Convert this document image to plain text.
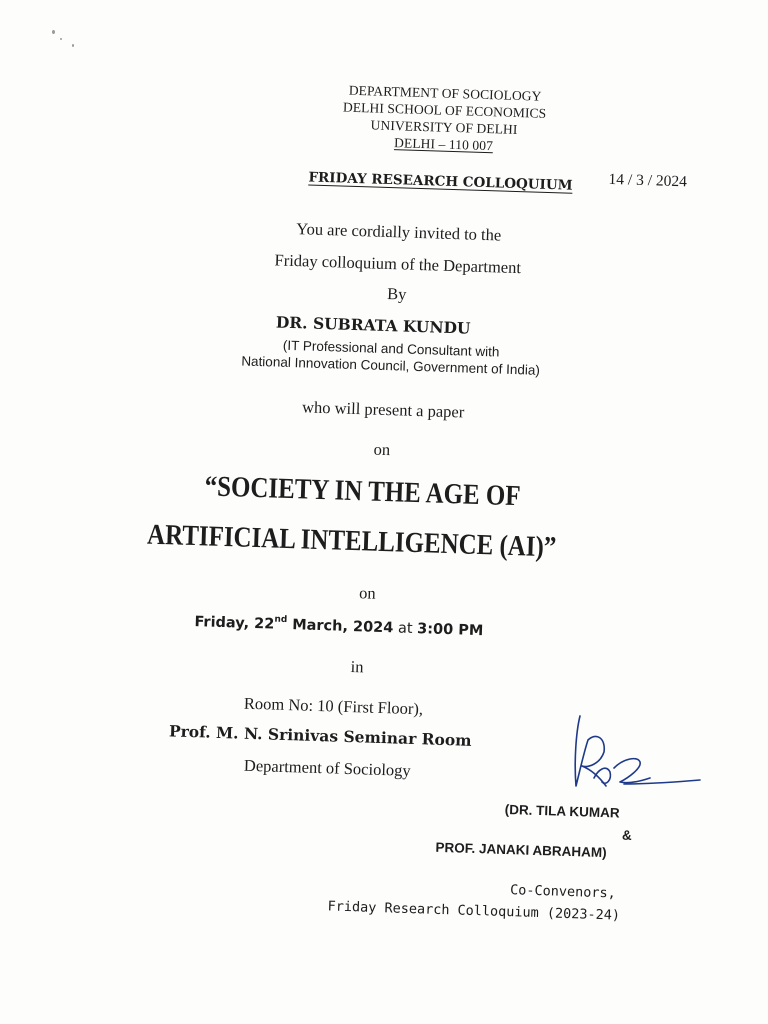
DEPARTMENT OF SOCIOLOGY

DELHI SCHOOL OF ECONOMICS

UNIVERSITY OF DELHI

DELHI – 110 007

14 / 3 / 2024

FRIDAY RESEARCH COLLOQUIUM

You are cordially invited to the

Friday colloquium of the Department

By

DR. SUBRATA KUNDU

(IT Professional and Consultant with

National Innovation Council, Government of India)

who will present a paper

on

“SOCIETY IN THE AGE OF

ARTIFICIAL INTELLIGENCE (AI)”

on

Friday, 22nd March, 2024 at 3:00 PM

in

Room No: 10 (First Floor),

Prof. M. N. Srinivas Seminar Room

Department of Sociology

(DR. TILA KUMAR

&

PROF. JANAKI ABRAHAM)

Co-Convenors,

Friday Research Colloquium (2023-24)
